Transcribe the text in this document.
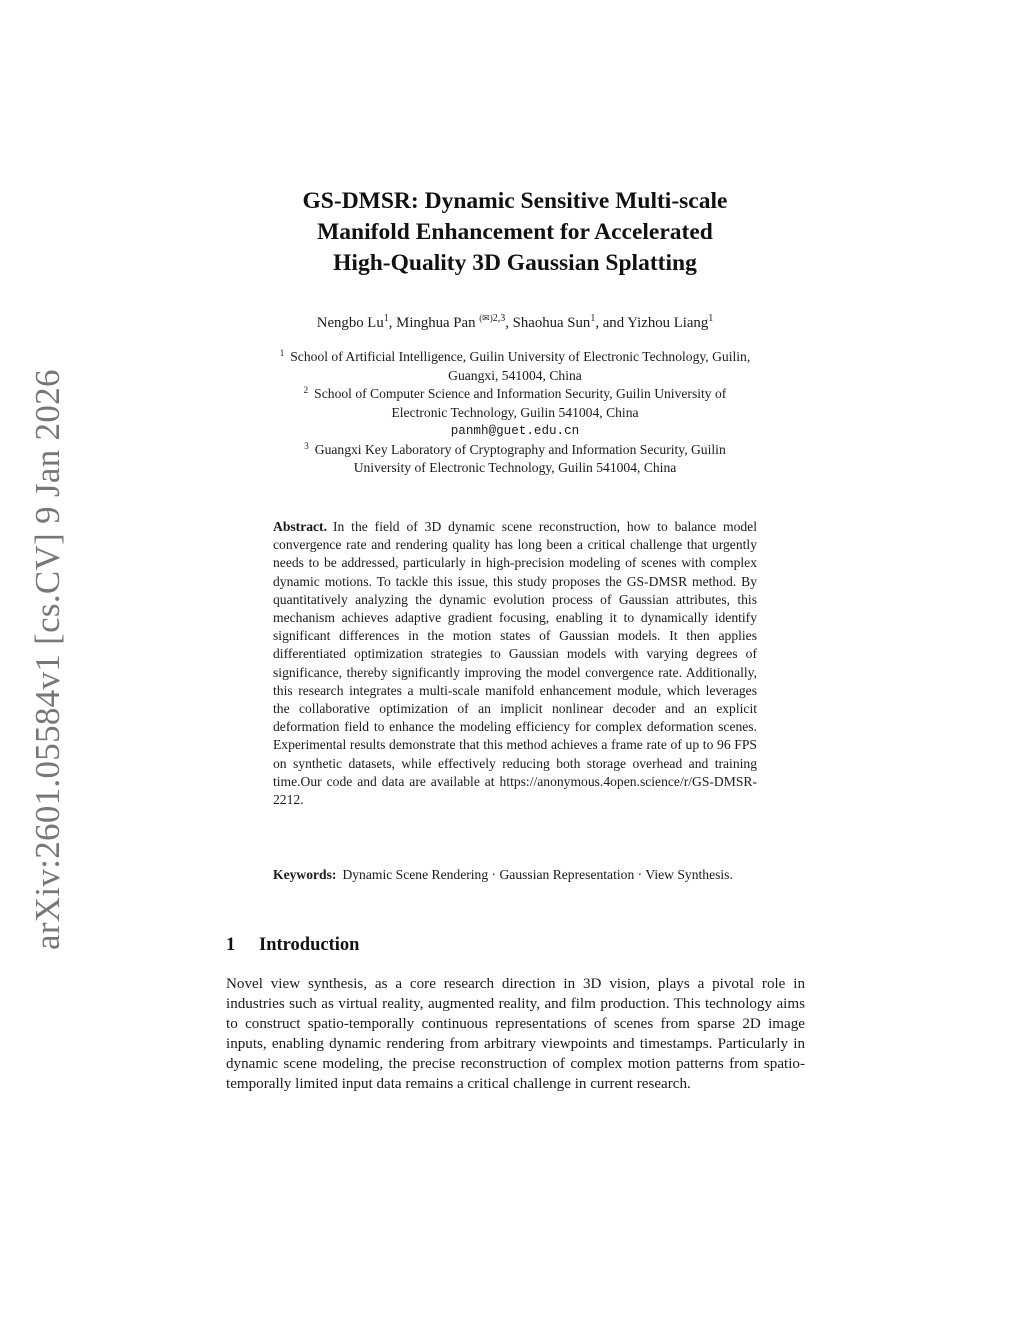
arXiv:2601.05584v1 [cs.CV] 9 Jan 2026
GS-DMSR: Dynamic Sensitive Multi-scale
Manifold Enhancement for Accelerated
High-Quality 3D Gaussian Splatting
Nengbo Lu$^1$, Minghua Pan $^{(✉)2,3}$, Shaohua Sun$^1$, and Yizhou Liang$^1$
$^1$ School of Artificial Intelligence, Guilin University of Electronic Technology, Guilin,
Guangxi, 541004, China
$^2$ School of Computer Science and Information Security, Guilin University of
Electronic Technology, Guilin 541004, China
panmh@guet.edu.cn
$^3$ Guangxi Key Laboratory of Cryptography and Information Security, Guilin
University of Electronic Technology, Guilin 541004, China
Abstract. In the field of 3D dynamic scene reconstruction, how to balance model convergence rate and rendering quality has long been a critical challenge that urgently needs to be addressed, particularly in high-precision modeling of scenes with complex dynamic motions. To tackle this issue, this study proposes the GS-DMSR method. By quantitatively analyzing the dynamic evolution process of Gaussian attributes, this mechanism achieves adaptive gradient focusing, enabling it to dynamically identify significant differences in the motion states of Gaussian models. It then applies differentiated optimization strategies to Gaussian models with varying degrees of significance, thereby significantly improving the model convergence rate. Additionally, this research integrates a multi-scale manifold enhancement module, which leverages the collaborative optimization of an implicit nonlinear decoder and an explicit deformation field to enhance the modeling efficiency for complex deformation scenes. Experimental results demonstrate that this method achieves a frame rate of up to 96 FPS on synthetic datasets, while effectively reducing both storage overhead and training time.Our code and data are available at https://anonymous.4open.science/r/GS-DMSR-2212.
Keywords: Dynamic Scene Rendering · Gaussian Representation · View Synthesis.
1 Introduction
Novel view synthesis, as a core research direction in 3D vision, plays a pivotal role in industries such as virtual reality, augmented reality, and film production. This technology aims to construct spatio-temporally continuous representations of scenes from sparse 2D image inputs, enabling dynamic rendering from arbitrary viewpoints and timestamps. Particularly in dynamic scene modeling, the precise reconstruction of complex motion patterns from spatio-temporally limited input data remains a critical challenge in current research.
